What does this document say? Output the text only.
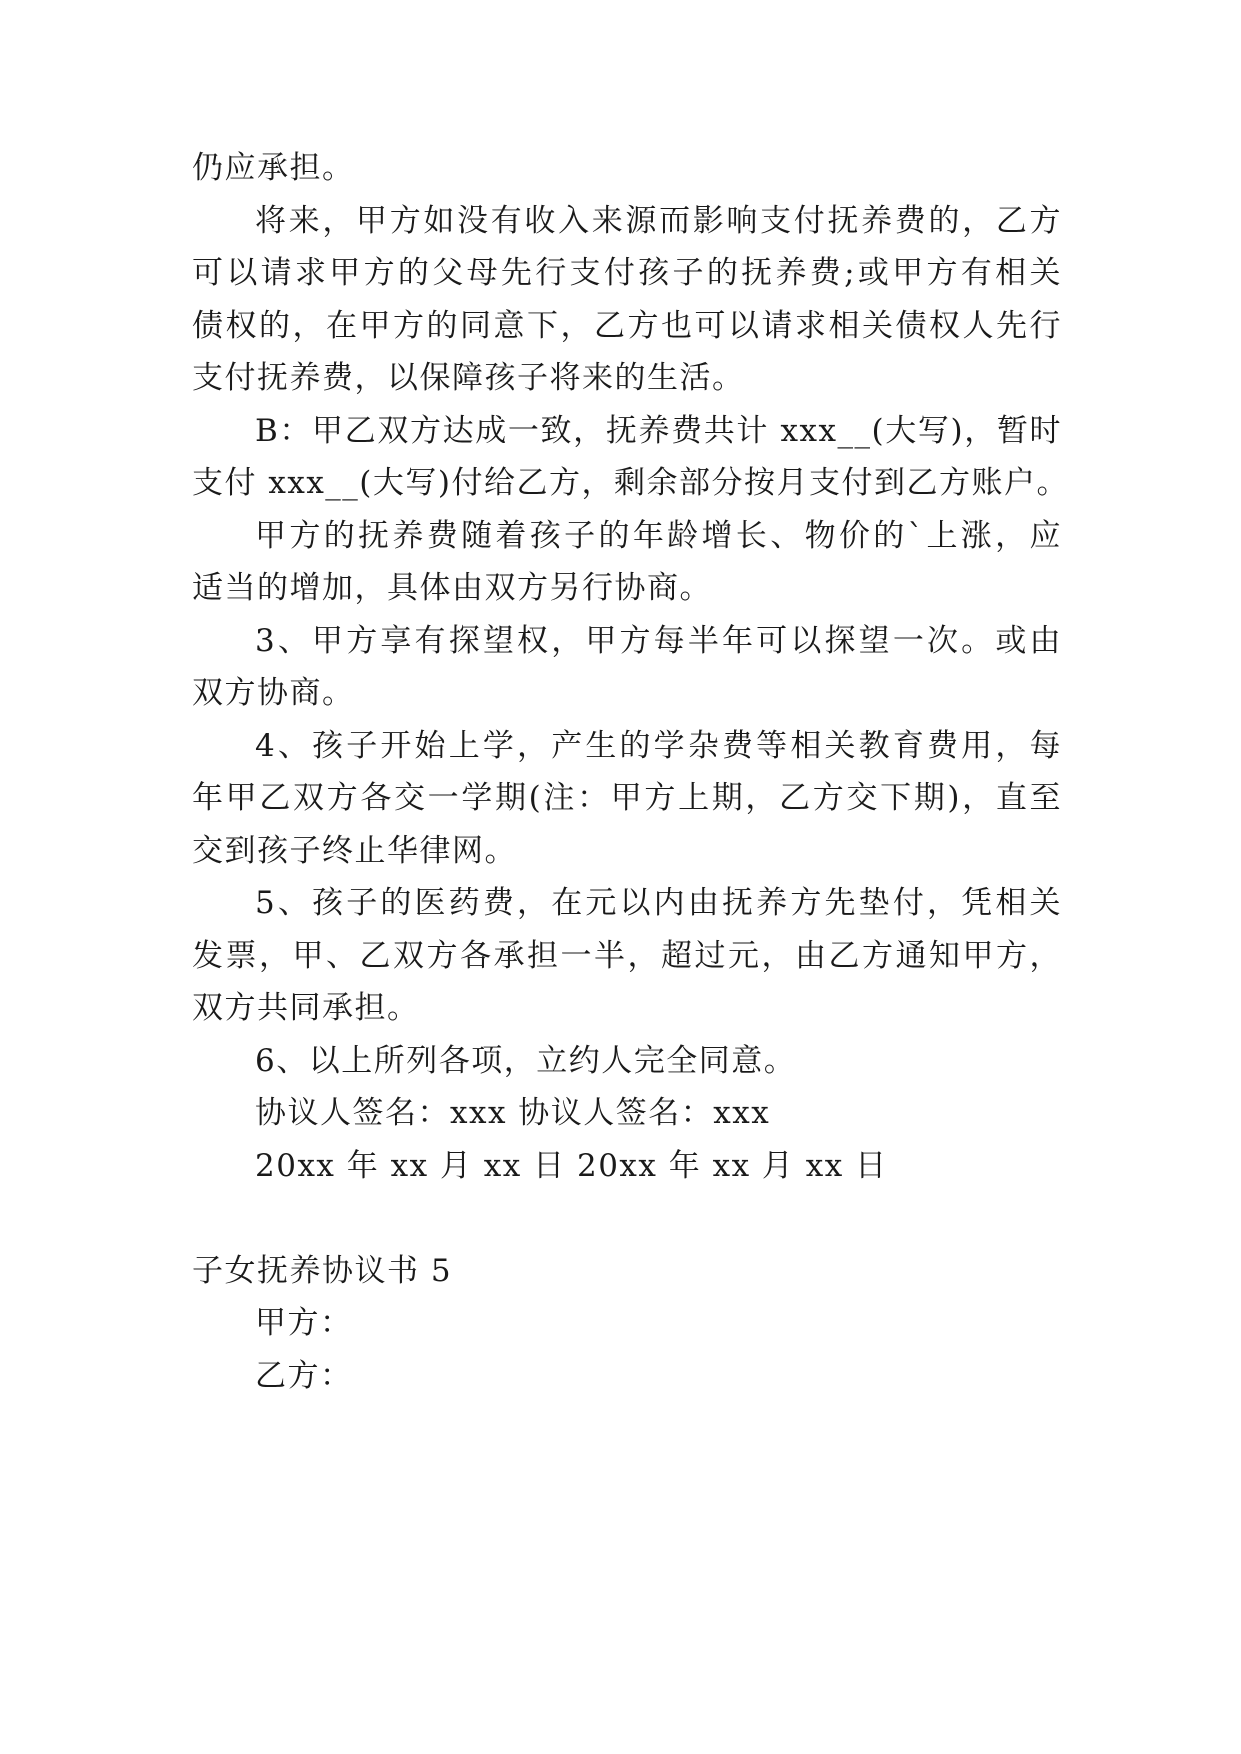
仍应承担。
将来，甲方如没有收入来源而影响支付抚养费的，乙方
可以请求甲方的父母先行支付孩子的抚养费;或甲方有相关
债权的，在甲方的同意下，乙方也可以请求相关债权人先行
支付抚养费，以保障孩子将来的生活。
B：甲乙双方达成一致，抚养费共计 xxx__(大写)，暂时
支付 xxx__(大写)付给乙方，剩余部分按月支付到乙方账户。
甲方的抚养费随着孩子的年龄增长、物价的`上涨，应
适当的增加，具体由双方另行协商。
3、甲方享有探望权，甲方每半年可以探望一次。或由
双方协商。
4、孩子开始上学，产生的学杂费等相关教育费用，每
年甲乙双方各交一学期(注：甲方上期，乙方交下期)，直至
交到孩子终止华律网。
5、孩子的医药费，在元以内由抚养方先垫付，凭相关
发票，甲、乙双方各承担一半，超过元，由乙方通知甲方，
双方共同承担。
6、以上所列各项，立约人完全同意。
协议人签名：xxx 协议人签名：xxx
20xx 年 xx 月 xx 日 20xx 年 xx 月 xx 日
子女抚养协议书 5
甲方：
乙方：
